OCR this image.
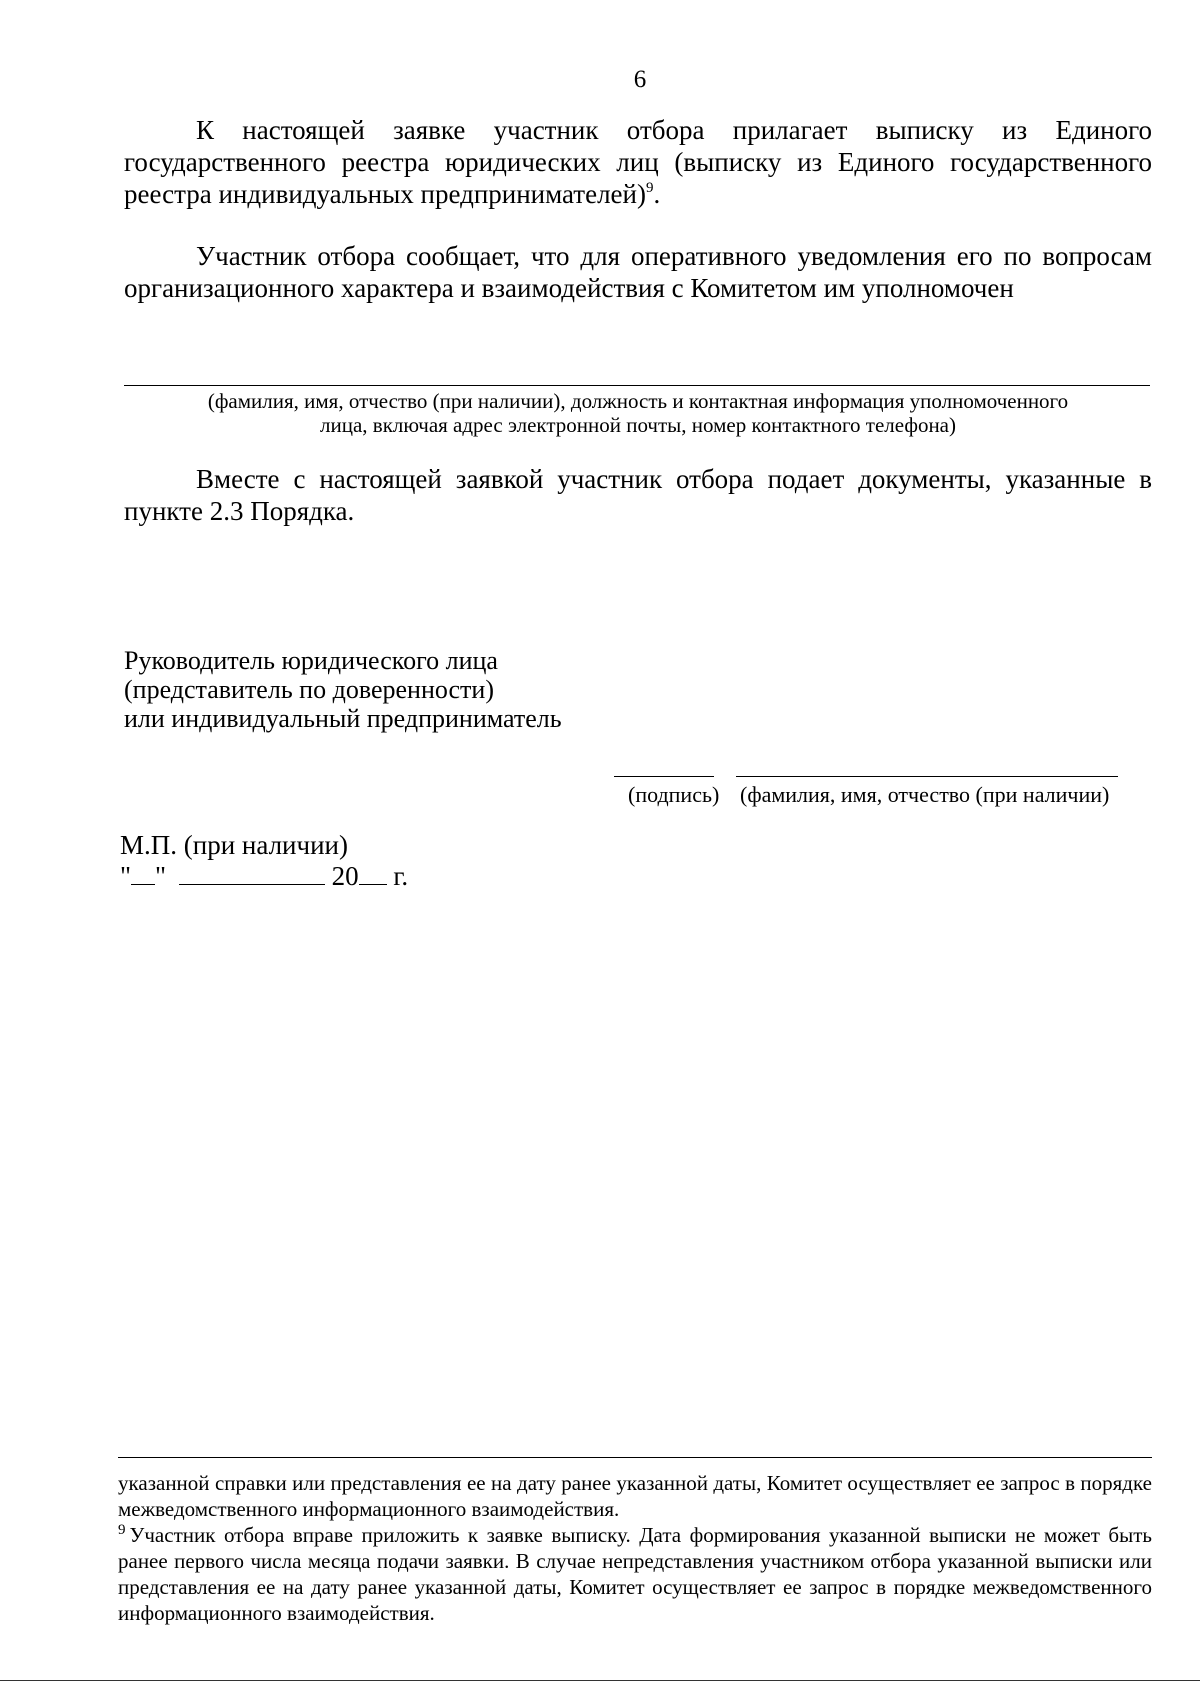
6
К настоящей заявке участник отбора прилагает выписку из Единого государственного реестра юридических лиц (выписку из Единого государственного реестра индивидуальных предпринимателей)$^9$.
Участник отбора сообщает, что для оперативного уведомления его по вопросам организационного характера и взаимодействия с Комитетом им уполномочен
(фамилия, имя, отчество (при наличии), должность и контактная информация уполномоченного
лица, включая адрес электронной почты, номер контактного телефона)
Вместе с настоящей заявкой участник отбора подает документы, указанные в пункте 2.3 Порядка.
Руководитель юридического лица
(представитель по доверенности)
или индивидуальный предприниматель
(подпись) (фамилия, имя, отчество (при наличии)
М.П. (при наличии)
" "	20 г.

указанной справки или представления ее на дату ранее указанной даты, Комитет осуществляет ее запрос в порядке межведомственного информационного взаимодействия.

$^9$ Участник отбора вправе приложить к заявке выписку. Дата формирования указанной выписки не может быть ранее первого числа месяца подачи заявки. В случае непредставления участником отбора указанной выписки или представления ее на дату ранее указанной даты, Комитет осуществляет ее запрос в порядке межведомственного информационного взаимодействия.
